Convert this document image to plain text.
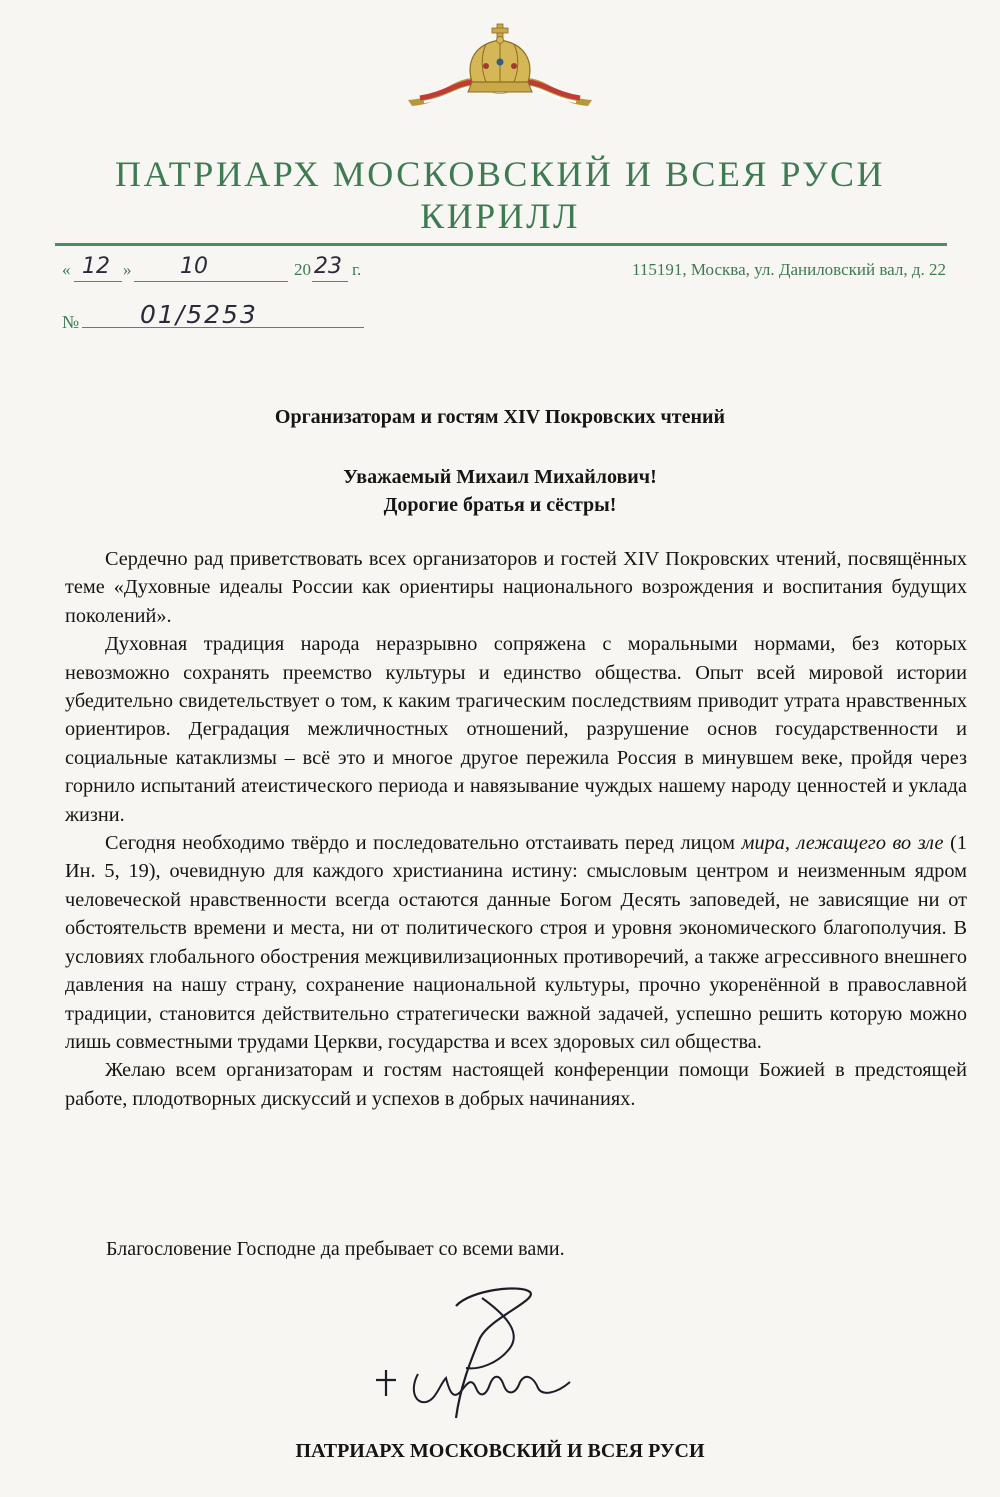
ПАТРИАРХ МОСКОВСКИЙ И ВСЕЯ РУСИ
КИРИЛЛ
«	»	20 г.
12	10	23	115191, Москва, ул. Даниловский вал, д. 22
№ 01/5253
Организаторам и гостям XIV Покровских чтений
Уважаемый Михаил Михайлович!
Дорогие братья и сёстры!

Сердечно рад приветствовать всех организаторов и гостей XIV Покровских чтений, посвящённых теме «Духовные идеалы России как ориентиры национального возрождения и воспитания будущих поколений».

Духовная традиция народа неразрывно сопряжена с моральными нормами, без которых невозможно сохранять преемство культуры и единство общества. Опыт всей мировой истории убедительно свидетельствует о том, к каким трагическим последствиям приводит утрата нравственных ориентиров. Деградация межличностных отношений, разрушение основ государственности и социальные катаклизмы – всё это и многое другое пережила Россия в минувшем веке, пройдя через горнило испытаний атеистического периода и навязывание чуждых нашему народу ценностей и уклада жизни.

Сегодня необходимо твёрдо и последовательно отстаивать перед лицом мира, лежащего во зле (1 Ин. 5, 19), очевидную для каждого христианина истину: смысловым центром и неизменным ядром человеческой нравственности всегда остаются данные Богом Десять заповедей, не зависящие ни от обстоятельств времени и места, ни от политического строя и уровня экономического благополучия. В условиях глобального обострения межцивилизационных противоречий, а также агрессивного внешнего давления на нашу страну, сохранение национальной культуры, прочно укоренённой в православной традиции, становится действительно стратегически важной задачей, успешно решить которую можно лишь совместными трудами Церкви, государства и всех здоровых сил общества.

Желаю всем организаторам и гостям настоящей конференции помощи Божией в предстоящей работе, плодотворных дискуссий и успехов в добрых начинаниях.

Благословение Господне да пребывает со всеми вами.
ПАТРИАРХ МОСКОВСКИЙ И ВСЕЯ РУСИ
